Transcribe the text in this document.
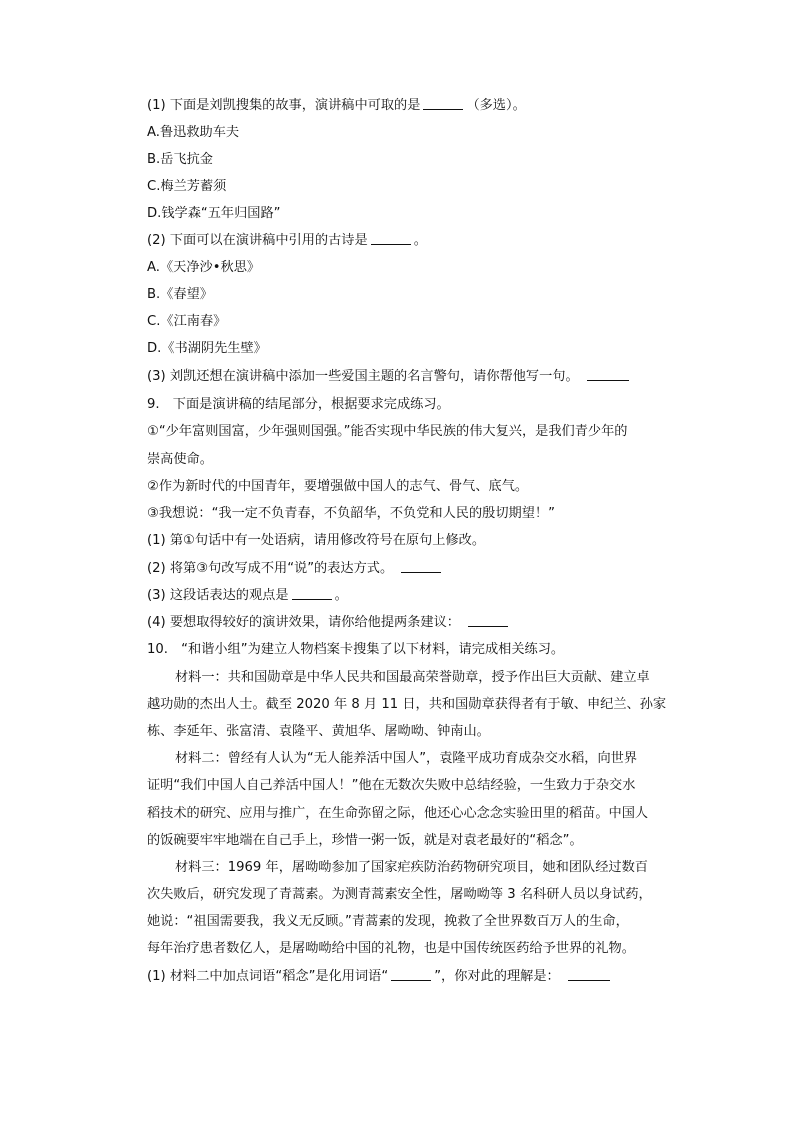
(1) 下面是刘凯搜集的故事，演讲稿中可取的是	（多选）。
A.鲁迅救助车夫
B.岳飞抗金
C.梅兰芳蓄须
D.钱学森“五年归国路”
(2) 下面可以在演讲稿中引用的古诗是	。
A.《天净沙•秋思》
B.《春望》
C.《江南春》
D.《书湖阴先生壁》
(3) 刘凯还想在演讲稿中添加一些爱国主题的名言警句，请你帮他写一句。
9.　下面是演讲稿的结尾部分，根据要求完成练习。
①“少年富则国富，少年强则国强。”能否实现中华民族的伟大复兴，是我们青少年的
崇高使命。
②作为新时代的中国青年，要增强做中国人的志气、骨气、底气。
③我想说：“我一定不负青春，不负韶华，不负党和人民的殷切期望！”
(1) 第①句话中有一处语病，请用修改符号在原句上修改。
(2) 将第③句改写成不用“说”的表达方式。
(3) 这段话表达的观点是	。
(4) 要想取得较好的演讲效果，请你给他提两条建议：
10.　“和谐小组”为建立人物档案卡搜集了以下材料，请完成相关练习。
材料一：共和国勋章是中华人民共和国最高荣誉勋章，授予作出巨大贡献、建立卓
越功勋的杰出人士。截至 2020 年 8 月 11 日，共和国勋章获得者有于敏、申纪兰、孙家
栋、李延年、张富清、袁隆平、黄旭华、屠呦呦、钟南山。
材料二：曾经有人认为“无人能养活中国人”，袁隆平成功育成杂交水稻，向世界
证明“我们中国人自己养活中国人！”他在无数次失败中总结经验，一生致力于杂交水
稻技术的研究、应用与推广，在生命弥留之际，他还心心念念实验田里的稻苗。中国人
的饭碗要牢牢地端在自己手上，珍惜一粥一饭，就是对袁老最好的“稻念”。
材料三：1969 年，屠呦呦参加了国家疟疾防治药物研究项目，她和团队经过数百
次失败后，研究发现了青蒿素。为测青蒿素安全性，屠呦呦等 3 名科研人员以身试药，
她说：“祖国需要我，我义无反顾。”青蒿素的发现，挽救了全世界数百万人的生命，
每年治疗患者数亿人，是屠呦呦给中国的礼物，也是中国传统医药给予世界的礼物。
(1) 材料二中加点词语“稻念”是化用词语“	”，你对此的理解是：
